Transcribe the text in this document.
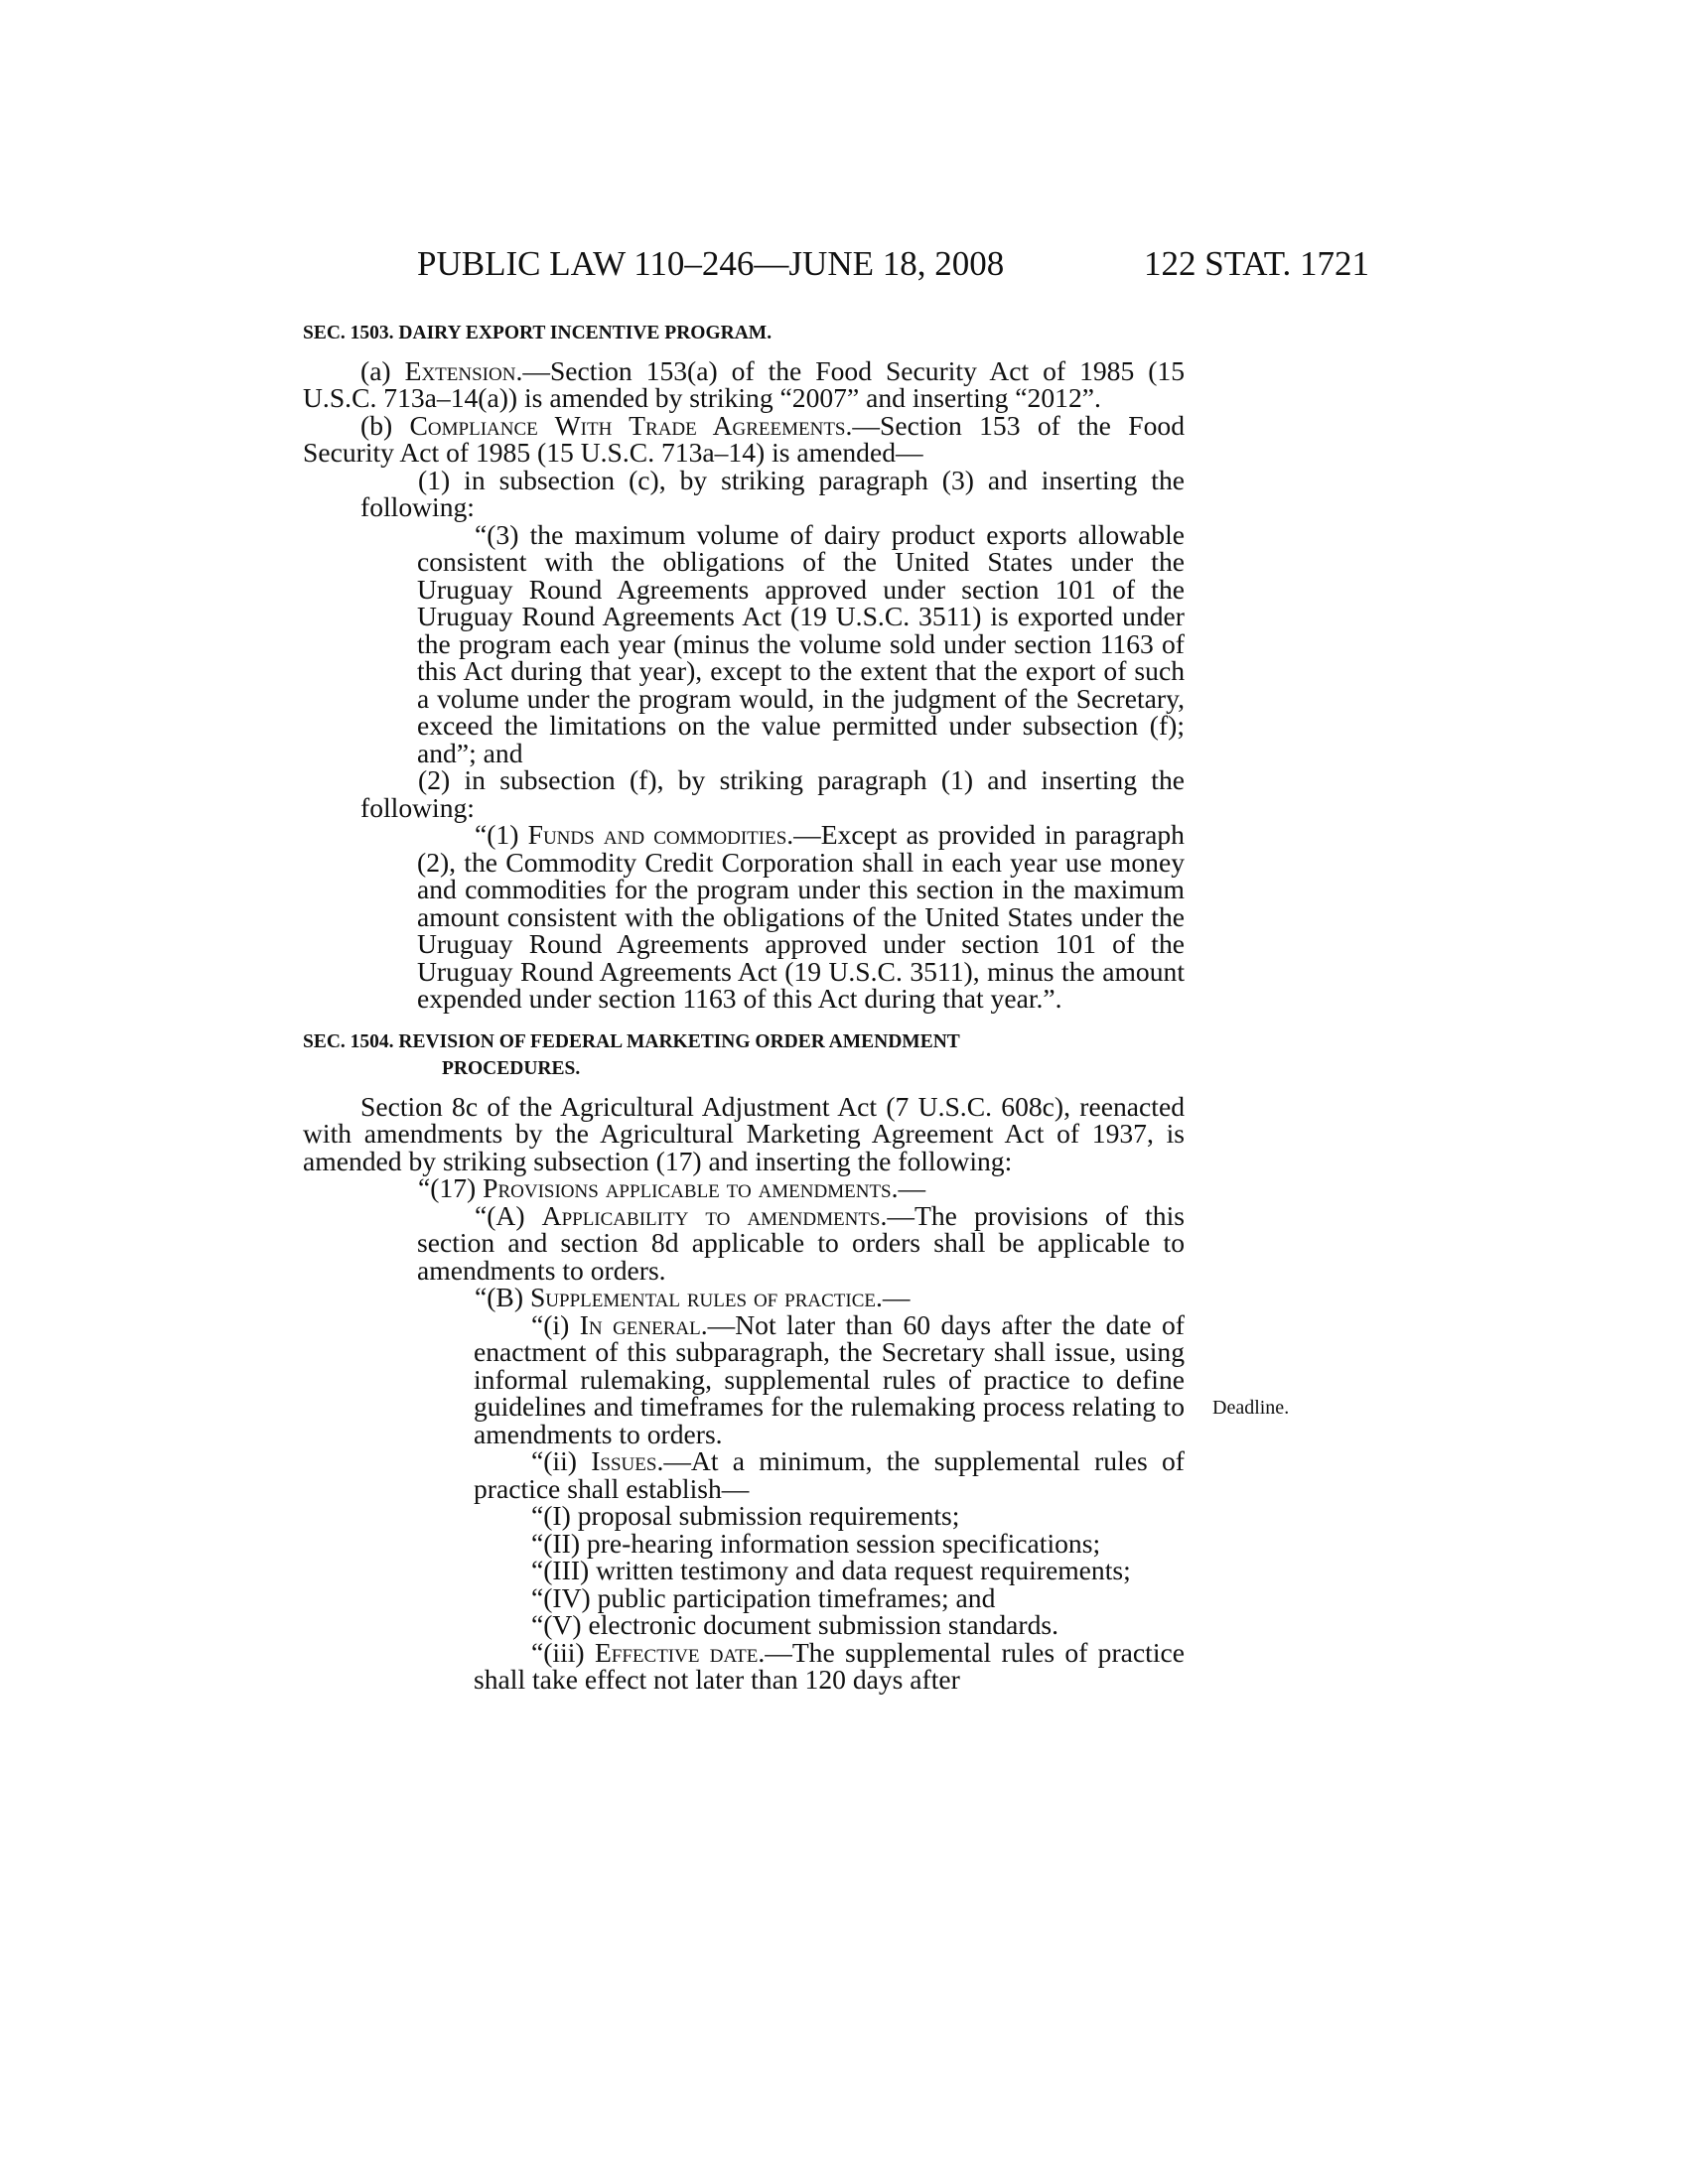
PUBLIC LAW 110–246—JUNE 18, 2008	122 STAT. 1721
Deadline.

SEC. 1503. DAIRY EXPORT INCENTIVE PROGRAM.

(a) Extension.—Section 153(a) of the Food Security Act of 1985 (15 U.S.C. 713a–14(a)) is amended by striking “2007” and inserting “2012”.

(b) Compliance With Trade Agreements.—Section 153 of the Food Security Act of 1985 (15 U.S.C. 713a–14) is amended—

(1) in subsection (c), by striking paragraph (3) and inserting the following:

“(3) the maximum volume of dairy product exports allowable consistent with the obligations of the United States under the Uruguay Round Agreements approved under section 101 of the Uruguay Round Agreements Act (19 U.S.C. 3511) is exported under the program each year (minus the volume sold under section 1163 of this Act during that year), except to the extent that the export of such a volume under the program would, in the judgment of the Secretary, exceed the limitations on the value permitted under subsection (f); and”; and

(2) in subsection (f), by striking paragraph (1) and inserting the following:

“(1) Funds and commodities.—Except as provided in paragraph (2), the Commodity Credit Corporation shall in each year use money and commodities for the program under this section in the maximum amount consistent with the obligations of the United States under the Uruguay Round Agreements approved under section 101 of the Uruguay Round Agreements Act (19 U.S.C. 3511), minus the amount expended under section 1163 of this Act during that year.”.

SEC. 1504. REVISION OF FEDERAL MARKETING ORDER AMENDMENT
PROCEDURES.

Section 8c of the Agricultural Adjustment Act (7 U.S.C. 608c), reenacted with amendments by the Agricultural Marketing Agreement Act of 1937, is amended by striking subsection (17) and inserting the following:

“(17) Provisions applicable to amendments.—

“(A) Applicability to amendments.—The provisions of this section and section 8d applicable to orders shall be applicable to amendments to orders.

“(B) Supplemental rules of practice.—

“(i) In general.—Not later than 60 days after the date of enactment of this subparagraph, the Secretary shall issue, using informal rulemaking, supplemental rules of practice to define guidelines and timeframes for the rulemaking process relating to amendments to orders.

“(ii) Issues.—At a minimum, the supplemental rules of practice shall establish—

“(I) proposal submission requirements;

“(II) pre-hearing information session specifications;

“(III) written testimony and data request requirements;

“(IV) public participation timeframes; and

“(V) electronic document submission standards.

“(iii) Effective date.—The supplemental rules of practice shall take effect not later than 120 days after
